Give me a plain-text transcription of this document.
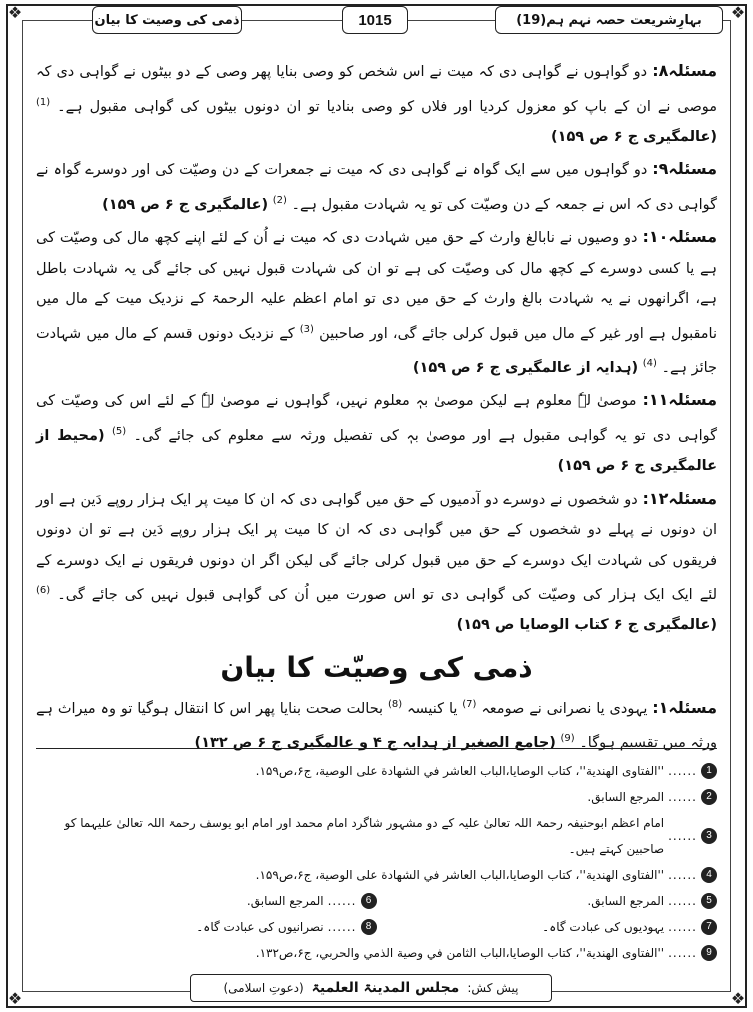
❖	❖
❖	❖
بہارِشریعت حصہ نہم ہم(19)
1015
ذمی کی وصیت کا بیان

مسئلہ۸: دو گواہوں نے گواہی دی کہ میت نے اس شخص کو وصی بنایا پھر وصی کے دو بیٹوں نے گواہی دی کہ موصی نے ان کے باپ کو معزول کردیا اور فلاں کو وصی بنادیا تو ان دونوں بیٹوں کی گواہی مقبول ہے۔ $^{(1)}$ (عالمگیری ج ۶ ص ۱۵۹)

مسئلہ۹: دو گواہوں میں سے ایک گواہ نے گواہی دی کہ میت نے جمعرات کے دن وصیّت کی اور دوسرے گواہ نے گواہی دی کہ اس نے جمعہ کے دن وصیّت کی تو یہ شہادت مقبول ہے۔ $^{(2)}$ (عالمگیری ج ۶ ص ۱۵۹)

مسئلہ۱۰: دو وصیوں نے نابالغ وارث کے حق میں شہادت دی کہ میت نے اُن کے لئے اپنے کچھ مال کی وصیّت کی ہے یا کسی دوسرے کے کچھ مال کی وصیّت کی ہے تو ان کی شہادت قبول نہیں کی جائے گی یہ شہادت باطل ہے، اگرانھوں نے یہ شہادت بالغ وارث کے حق میں دی تو امام اعظم علیہ الرحمۃ کے نزدیک میت کے مال میں نامقبول ہے اور غیر کے مال میں قبول کرلی جائے گی، اور صاحبین $^{(3)}$ کے نزدیک دونوں قسم کے مال میں شہادت جائز ہے۔ $^{(4)}$ (ہدایہ از عالمگیری ج ۶ ص ۱۵۹)

مسئلہ۱۱: موصیٰ لہٗ معلوم ہے لیکن موصیٰ بہٖ معلوم نہیں، گواہوں نے موصیٰ لہٗ کے لئے اس کی وصیّت کی گواہی دی تو یہ گواہی مقبول ہے اور موصیٰ بہٖ کی تفصیل ورثہ سے معلوم کی جائے گی۔ $^{(5)}$ (محیط از عالمگیری ج ۶ ص ۱۵۹)

مسئلہ۱۲: دو شخصوں نے دوسرے دو آدمیوں کے حق میں گواہی دی کہ ان کا میت پر ایک ہزار روپے دَین ہے اور ان دونوں نے پہلے دو شخصوں کے حق میں گواہی دی کہ ان کا میت پر ایک ہزار روپے دَین ہے تو ان دونوں فریقوں کی شہادت ایک دوسرے کے حق میں قبول کرلی جائے گی لیکن اگر ان دونوں فریقوں نے ایک دوسرے کے لئے ایک ایک ہزار کی وصیّت کی گواہی دی تو اس صورت میں اُن کی گواہی قبول نہیں کی جائے گی۔ $^{(6)}$ (عالمگیری ج ۶ کتاب الوصایا ص ۱۵۹)

ذمی کی وصیّت کا بیان

مسئلہ۱: یہودی یا نصرانی نے صومعہ $^{(7)}$ یا کنیسہ $^{(8)}$ بحالت صحت بنایا پھر اس کا انتقال ہوگیا تو وہ میراث ہے ورثہ میں تقسیم ہوگا۔ $^{(9)}$ (جامع الصغیر از ہدایہ ج ۴ و عالمگیری ج ۶ ص ۱۳۲)

1
......
''الفتاوی الهندية''، كتاب الوصايا،الباب العاشر في الشهادة على الوصية، ج۶،ص۱۵۹.
2
......
المرجع السابق.
3
......
امام اعظم ابوحنیفہ رحمۃ اللہ تعالیٰ علیہ کے دو مشہور شاگرد امام محمد اور امام ابو یوسف رحمۃ اللہ تعالیٰ علیہما کو صاحبین کہتے ہیں۔
4
......
''الفتاوی الهندية''، كتاب الوصايا،الباب العاشر في الشهادة على الوصية، ج۶،ص۱۵۹.
5
......
المرجع السابق.
6
......
المرجع السابق.
7
......
یہودیوں کی عبادت گاہ۔
8
......
نصرانیوں کی عبادت گاہ۔
9
......
''الفتاوی الهندية''، كتاب الوصايا،الباب الثامن في وصية الذمي والحربي، ج۶،ص۱۳۲.
پیش کش:
مجلس المدینۃ العلمیۃ
(دعوتِ اسلامی)
